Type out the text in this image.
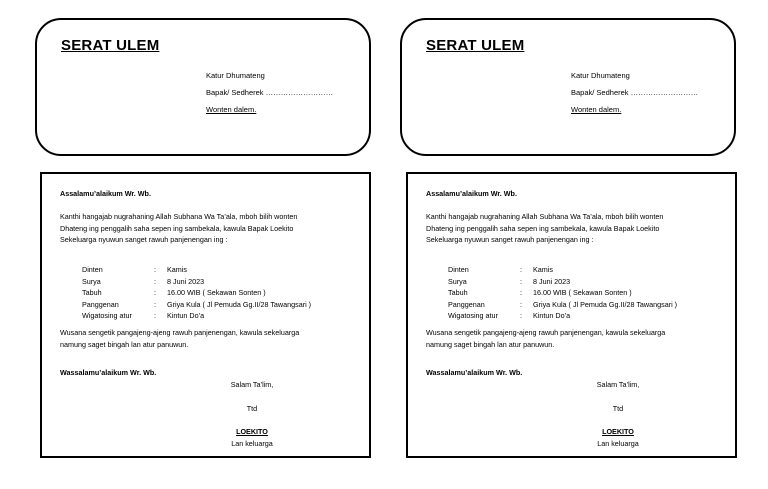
SERAT ULEM
Katur Dhumateng
Bapak/ Sedherek ………………………
Wonten dalem.
SERAT ULEM
Katur Dhumateng
Bapak/ Sedherek ………………………
Wonten dalem.
Assalamu’alaikum Wr. Wb.
Kanthi hangajab nugrahaning Allah Subhana Wa Ta’ala, mboh bilih wonten
Dhateng ing penggalih saha sepen ing sambekala, kawula Bapak Loekito
Sekeluarga nyuwun sanget rawuh panjenengan ing :
Dinten	:	Kamis
Surya	:	8 Juni 2023
Tabuh	:	16.00 WIB ( Sekawan Sonten )
Panggenan	:	Griya Kula ( Jl Pemuda Gg.II/28 Tawangsari )
Wigatosing atur	:	Kintun Do’a
Wusana sengetik pangajeng-ajeng rawuh panjenengan, kawula sekeluarga
namung saget bingah lan atur panuwun.
Wassalamu’alaikum Wr. Wb.
Salam Ta’lim,
Ttd
LOEKITO
Lan keluarga
Assalamu’alaikum Wr. Wb.
Kanthi hangajab nugrahaning Allah Subhana Wa Ta’ala, mboh bilih wonten
Dhateng ing penggalih saha sepen ing sambekala, kawula Bapak Loekito
Sekeluarga nyuwun sanget rawuh panjenengan ing :
Dinten	:	Kamis
Surya	:	8 Juni 2023
Tabuh	:	16.00 WIB ( Sekawan Sonten )
Panggenan	:	Griya Kula ( Jl Pemuda Gg.II/28 Tawangsari )
Wigatosing atur	:	Kintun Do’a
Wusana sengetik pangajeng-ajeng rawuh panjenengan, kawula sekeluarga
namung saget bingah lan atur panuwun.
Wassalamu’alaikum Wr. Wb.
Salam Ta’lim,
Ttd
LOEKITO
Lan keluarga
